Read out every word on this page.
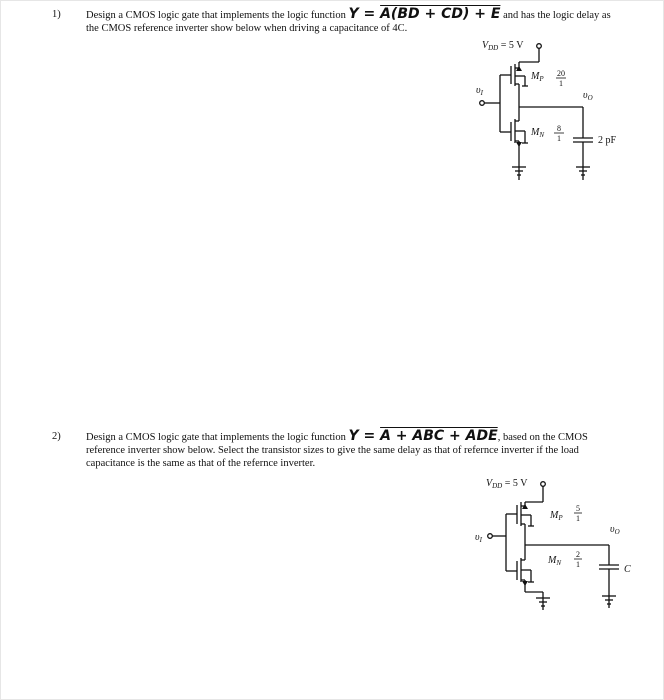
1) Design a CMOS logic gate that implements the logic function Y = A(BD + CD) + E and has the logic delay as the CMOS reference inverter show below when driving a capacitance of 4C.
$V_{DD} = 5$ V
$M_P$
20
1
$M_N$
8
1
$\upsilon_I$	$\upsilon_O$
2 pF
2) Design a CMOS logic gate that implements the logic function Y = A + ABC + ADE, based on the CMOS reference inverter show below. Select the transistor sizes to give the same delay as that of refernce inverter if the load capacitance is the same as that of the refernce inverter.
$V_{DD} = 5$ V
$M_P$
5
1
$M_N$
2
1
$\upsilon_I$
$\upsilon_O$
C
